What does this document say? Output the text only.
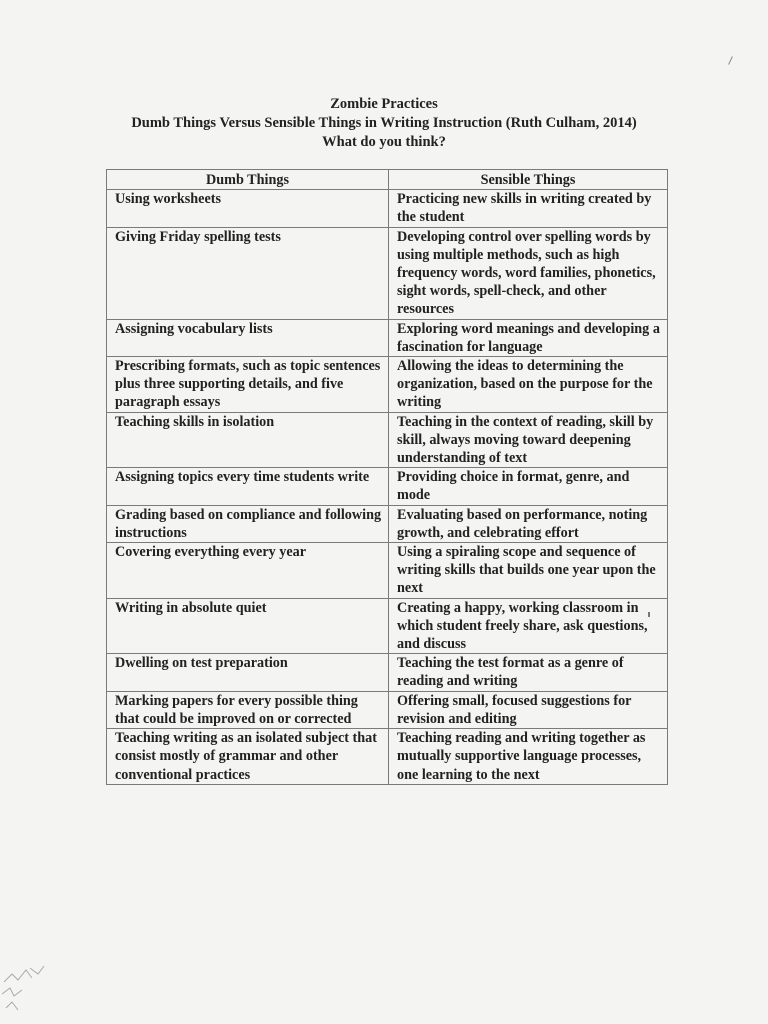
Zombie Practices
Dumb Things Versus Sensible Things in Writing Instruction (Ruth Culham, 2014)
What do you think?
Dumb Things	Sensible Things
Using worksheets	Practicing new skills in writing created by the student
Giving Friday spelling tests	Developing control over spelling words by using multiple methods, such as high frequency words, word families, phonetics, sight words, spell-check, and other resources
Assigning vocabulary lists	Exploring word meanings and developing a fascination for language
Prescribing formats, such as topic sentences plus three supporting details, and five paragraph essays	Allowing the ideas to determining the organization, based on the purpose for the writing
Teaching skills in isolation	Teaching in the context of reading, skill by skill, always moving toward deepening understanding of text
Assigning topics every time students write	Providing choice in format, genre, and mode
Grading based on compliance and following instructions	Evaluating based on performance, noting growth, and celebrating effort
Covering everything every year	Using a spiraling scope and sequence of writing skills that builds one year upon the next
Writing in absolute quiet	Creating a happy, working classroom in which student freely share, ask questions, and discuss
Dwelling on test preparation	Teaching the test format as a genre of reading and writing
Marking papers for every possible thing that could be improved on or corrected	Offering small, focused suggestions for revision and editing
Teaching writing as an isolated subject that consist mostly of grammar and other conventional practices	Teaching reading and writing together as mutually supportive language processes, one learning to the next
